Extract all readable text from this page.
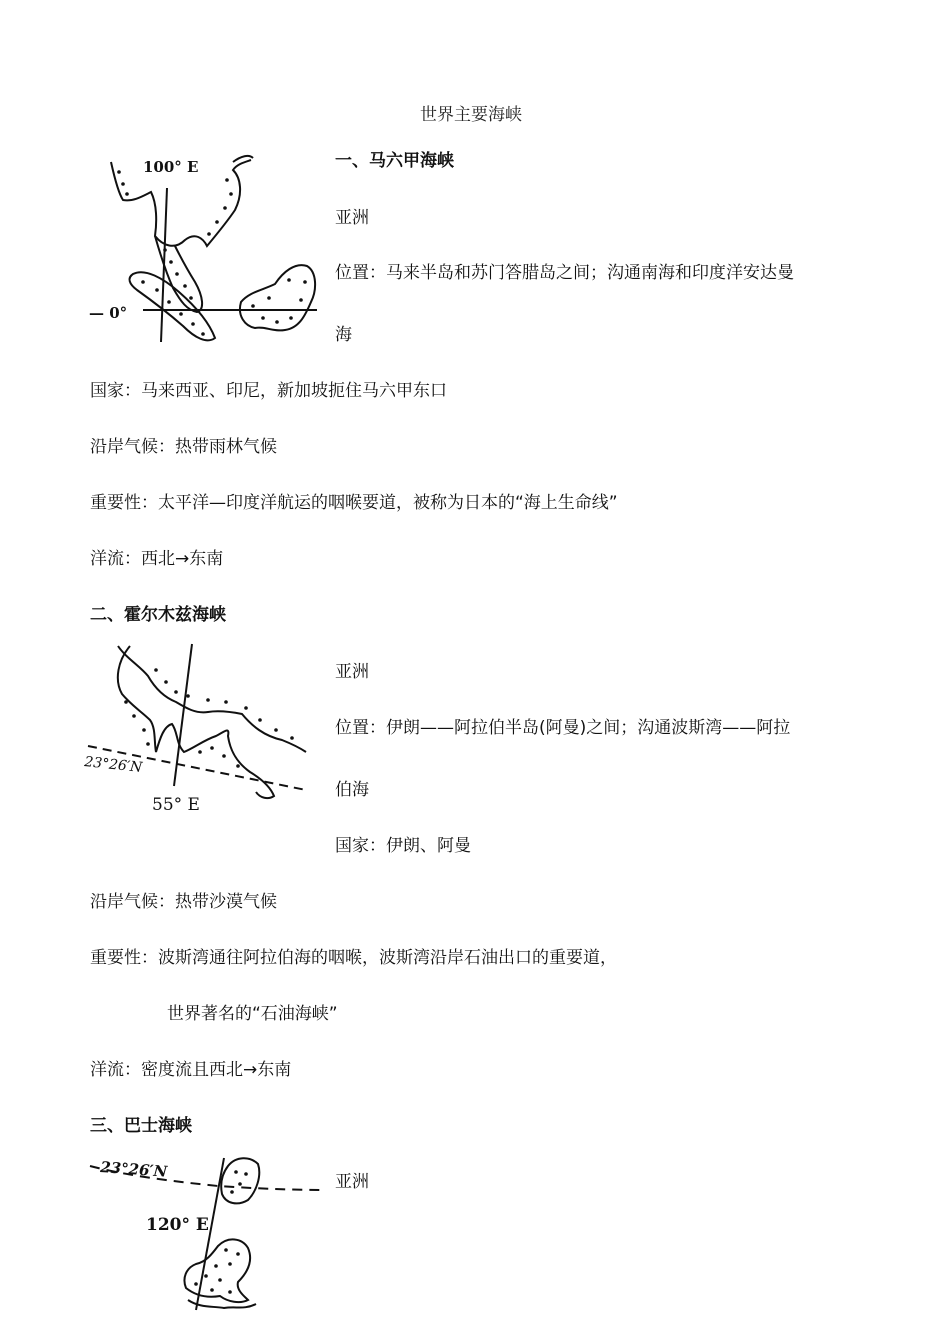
世界主要海峡
一、马六甲海峡
100° E
— 0°
亚洲
位置：马来半岛和苏门答腊岛之间；沟通南海和印度洋安达曼
海
国家：马来西亚、印尼，新加坡扼住马六甲东口
沿岸气候：热带雨林气候
重要性：太平洋—印度洋航运的咽喉要道，被称为日本的“海上生命线”
洋流：西北→东南
二、霍尔木兹海峡
23°26′N
55° E
亚洲
位置：伊朗——阿拉伯半岛(阿曼)之间；沟通波斯湾——阿拉
伯海
国家：伊朗、阿曼
沿岸气候：热带沙漠气候
重要性：波斯湾通往阿拉伯海的咽喉，波斯湾沿岸石油出口的重要道，
世界著名的“石油海峡”
洋流：密度流且西北→东南
三、巴士海峡
23°26′N
120° E
亚洲
